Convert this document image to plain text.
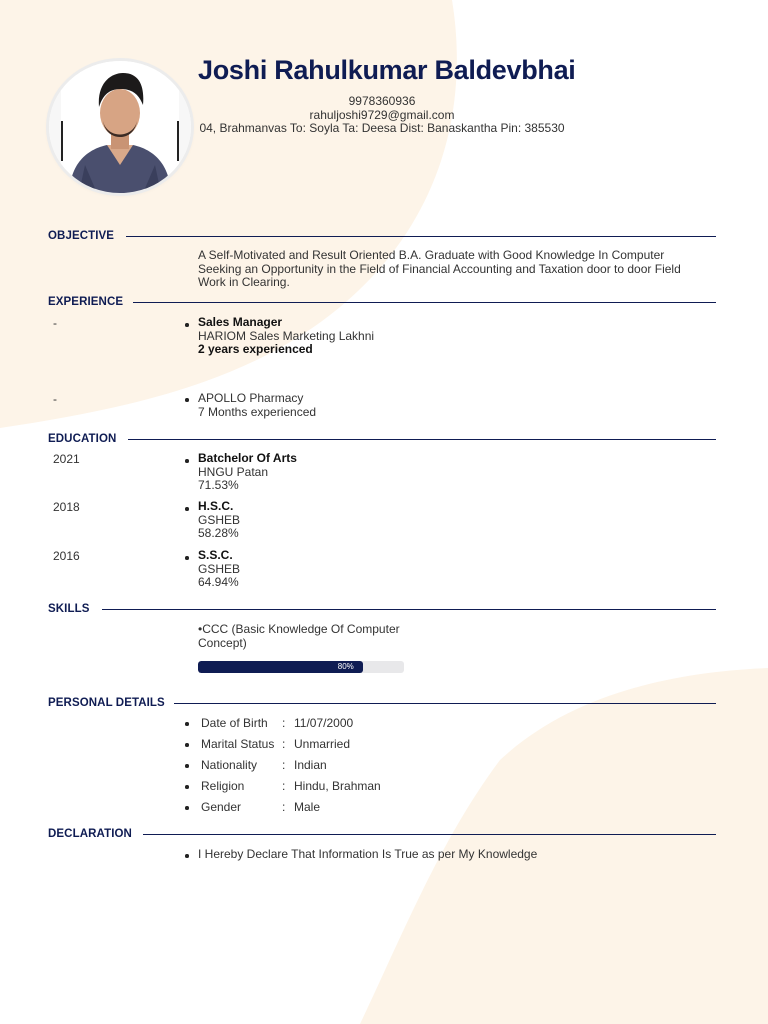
Joshi Rahulkumar Baldevbhai
9978360936
rahuljoshi9729@gmail.com
04, Brahmanvas To: Soyla Ta: Deesa Dist: Banaskantha Pin: 385530
OBJECTIVE
A Self-Motivated and Result Oriented B.A. Graduate with Good Knowledge In Computer
Seeking an Opportunity in the Field of Financial Accounting and Taxation door to door Field
Work in Clearing.
EXPERIENCE
-	Sales Manager
HARIOM Sales Marketing Lakhni
2 years experienced
-	APOLLO Pharmacy
7 Months experienced
EDUCATION
2021	Batchelor Of Arts
HNGU Patan
71.53%
2018	H.S.C.
GSHEB
58.28%
2016	S.S.C.
GSHEB
64.94%
SKILLS
•CCC (Basic Knowledge Of Computer
Concept)
80%
PERSONAL DETAILS
Date of Birth : 11/07/2000
Marital Status : Unmarried
Nationality : Indian
Religion	: Hindu, Brahman
Gender	: Male
DECLARATION
I Hereby Declare That Information Is True as per My Knowledge
